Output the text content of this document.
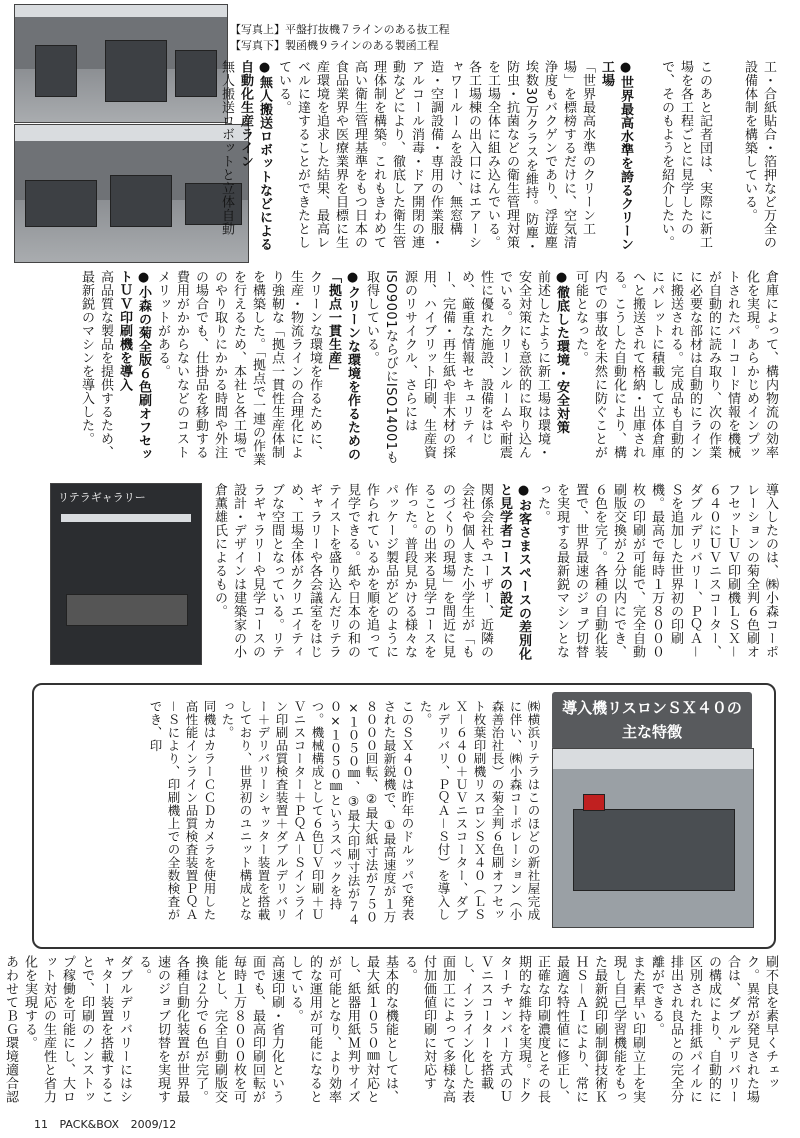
【写真上】平盤打抜機７ラインのある抜工程
【写真下】製函機９ラインのある製函工程

工・合紙貼合・箔押など万全の設備体制を構築している。

このあと記者団は、実際に新工場を各工程ごとに見学したので、そのもようを紹介したい。

●世界最高水準を誇るクリーン工場

「世界最高水準のクリーン工場」を標榜するだけに、空気清浄度もバクゲンであり、浮遊塵埃数30万クラスを維持。防塵・防虫・抗菌などの衛生管理対策を工場全体に組み込んでいる。各工場棟の出入口にはエアーシャワールームを設け、無窓構造・空調設備・専用の作業服・アルコール消毒・ドア開閉の連動などにより、徹底した衛生管理体制を構築。これもきわめて高い衛生管理基準をもつ日本の食品業界や医療業界を目標に生産環境を追求した結果、最高レベルに達することができたとしている。

●無人搬送ロボットなどによる自動化生産ライン

無人搬送ロボットと立体自動

倉庫によって、構内物流の効率化を実現。あらかじめインプットされたバーコード情報を機械が自動的に読み取り、次の作業に必要な部材は自動的にラインに搬送される。完成品も自動的にパレットに積載して立体倉庫へと搬送されて格納・出庫される。こうした自動化により、構内での事故を未然に防ぐことが可能となった。

●徹底した環境・安全対策

前述したように新工場は環境・安全対策にも意欲的に取り込んでいる。クリーンルームや耐震性に優れた施設、設備をはじめ、厳重な情報セキュリティー、完備・再生紙や非木材の採用、ハイブリット印刷、生産資源のリサイクル、さらにはISO9001ならびにISO14001も取得している。

●クリーンな環境を作るための「拠点一貫生産」

クリーンな環境を作るために、生産・物流ラインの合理化により強靭な「拠点一貫性生産体制を構築した。「拠点で一連の作業を行えるため、本社と各工場でのやり取りにかかる時間や外注の場合でも、仕掛品を移動する費用がかからないなどのコストメリットがある。

●小森の菊全版６色刷オフセットＵＶ印刷機を導入

高品質な製品を提供するため、最新鋭のマシンを導入した。

リテラギャラリー	導入したのは、㈱小森コーポレーションの菊全判６色刷オフセットＵＶ印刷機ＬＳＸ－６４０にＵＶニスコーター、ダブルデリバリー、ＰＱＡ－Ｓを追加した世界初の印刷機。最高で毎時１万８０００枚の印刷が可能で、完全自動刷版交換が２分以内にでき、６色を完了。各種の自動化装置で、世界最速のジョブ切替を実現する最新鋭マシンとなった。

●お客さまスペースの差別化と見学者コースの設定

関係会社やユーザー、近隣の会社や個人また小学生が「ものづくりの現場」を間近に見ることの出来る見学コースを作った。普段見かける様々なパッケージ製品がどのように作られているかを順を追って見学できる。紙や日本の和のテイストを盛り込んだリテラギャラリーや各会議室をはじめ、工場全体がクリエイティブな空間となっている。リテラギャラリーや見学コースの設計・デザインは建築家の小倉薫雄氏によるもの。

導入機リスロンＳＸ４０の
主な特徴

㈱横浜リテラはこのほどの新社屋完成に伴い、㈱小森コーポレーション（小森善治社長）の菊全判６色刷オフセット枚葉印刷機リスロンＳＸ４０（ＬＳＸ－６４０＋ＵＶニスコーター、ダブルデリバリ、ＰＱＡ－Ｓ付）を導入した。

このＳＸ４０は昨年のドルッパで発表された最新鋭機で、①最高速度が１万８０００回転、②最大紙寸法が７５０×１０５０㎜、③最大印刷寸法が７４０×１０５０㎜というスペックを持つ。機械構成として６色ＵＶ印刷＋ＵＶニスコーター＋ＰＱＡ－Ｓインライン印刷品質検査装置＋ダブルデリバリー＋デリバリーシャッター装置を搭載しており、世界初のユニット構成となった。

同機はカラーＣＣＤカメラを使用した高性能インライン品質検査装置ＰＱＡ－Ｓにより、印刷機上での全数検査ができ、印

刷不良を素早くチェック。異常が発見された場合は、ダブルデリバリーの構成により、自動的に区別された排紙パイルに排出され良品との完全分離ができる。

また素早い印刷立上を実現し自己学習機能をもった最新鋭印刷制御技術ＫＨＳ－ＡＩにより、常に最適な特性値に修正し、正確な印刷濃度とその長期的な維持を実現。ドクターチャンバー方式のＵＶニスコーターを搭載し、インライン化した表面加工によって多様な高付加価値印刷に対応する。

基本的な機能としては、最大紙１０５０㎜対応とし、紙器用紙Ｍ判サイズが可能となり、より効率的な運用が可能になるとしている。

高速印刷・省力化という面でも、最高印刷回転が毎時１万８０００枚を可能とし、完全自動刷版交換は２分で６色が完了。各種自動化装置が世界最速のジョブ切替を実現する。

ダブルデリバリーにはシャター装置を搭載することで、印刷のノンストップ稼働を可能にし、大ロット対応の生産性と省力化を実現する。

あわせてＢＧ環境適合認

11 PACK&BOX 2009/12
